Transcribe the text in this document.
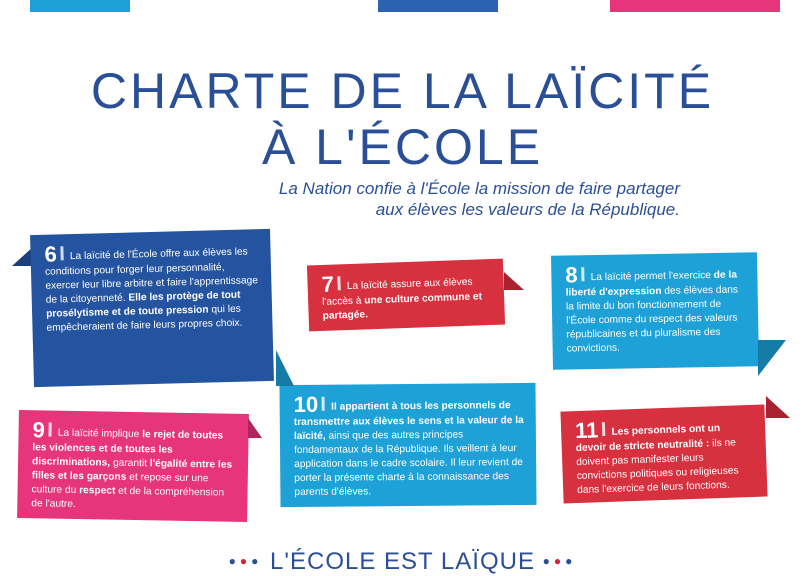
CHARTE DE LA LAÏCITÉ
À L'ÉCOLE
La Nation confie à l'École la mission de faire partager
aux élèves les valeurs de la République.
6 La laïcité de l'École offre aux élèves les conditions pour forger leur personnalité, exercer leur libre arbitre et faire l'apprentissage de la citoyenneté. Elle les protège de tout prosélytisme et de toute pression qui les empêcheraient de faire leurs propres choix.
7 La laïcité assure aux élèves l'accès à une culture commune et partagée.
8 La laïcité permet l'exercice de la liberté d'expression des élèves dans la limite du bon fonctionnement de l'École comme du respect des valeurs républicaines et du pluralisme des convictions.
9 La laïcité implique le rejet de toutes les violences et de toutes les discriminations, garantit l'égalité entre les filles et les garçons et repose sur une culture du respect et de la compréhension de l'autre.
10 Il appartient à tous les personnels de transmettre aux élèves le sens et la valeur de la laïcité, ainsi que des autres principes fondamentaux de la République. Ils veillent à leur application dans le cadre scolaire. Il leur revient de porter la présente charte à la connaissance des parents d'élèves.
11 Les personnels ont un devoir de stricte neutralité : ils ne doivent pas manifester leurs convictions politiques ou religieuses dans l'exercice de leurs fonctions.
●●● L'ÉCOLE EST LAÏQUE ●●●
